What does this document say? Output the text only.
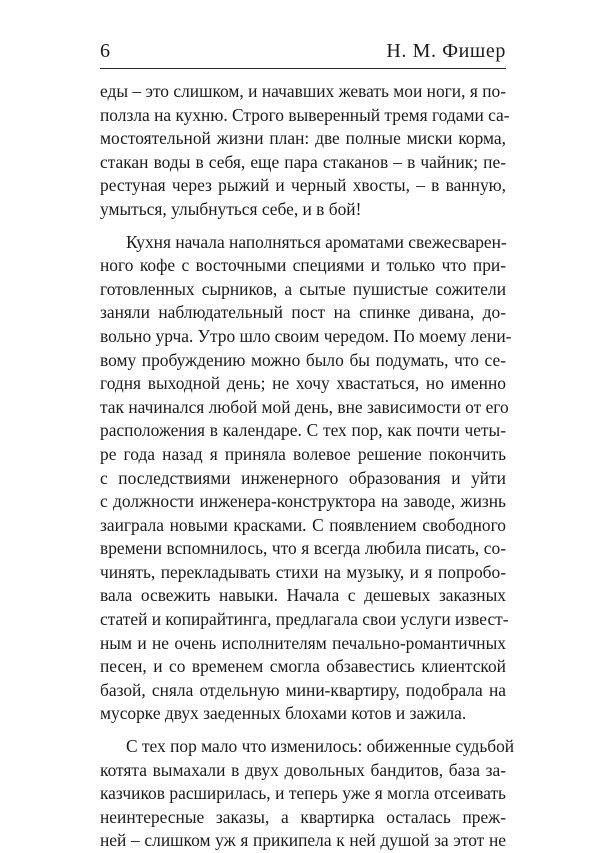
6	Н. М. Фишер
еды – это слишком, и начавших жевать мои ноги, я по-
ползла на кухню. Строго выверенный тремя годами са-
мостоятельной жизни план: две полные миски корма,
стакан воды в себя, еще пара стаканов – в чайник; пе-
рестуная через рыжий и черный хвосты, – в ванную,
умыться, улыбнуться себе, и в бой!
Кухня начала наполняться ароматами свежесварен-
ного кофе с восточными специями и только что при-
готовленных сырников, а сытые пушистые сожители
заняли наблюдательный пост на спинке дивана, до-
вольно урча. Утро шло своим чередом. По моему лени-
вому пробуждению можно было бы подумать, что се-
годня выходной день; не хочу хвастаться, но именно
так начинался любой мой день, вне зависимости от его
расположения в календаре. С тех пор, как почти четы-
ре года назад я приняла волевое решение покончить
с последствиями инженерного образования и уйти
с должности инженера-конструктора на заводе, жизнь
заиграла новыми красками. С появлением свободного
времени вспомнилось, что я всегда любила писать, со-
чинять, перекладывать стихи на музыку, и я попробо-
вала освежить навыки. Начала с дешевых заказных
статей и копирайтинга, предлагала свои услуги извест-
ным и не очень исполнителям печально-романтичных
песен, и со временем смогла обзавестись клиентской
базой, сняла отдельную мини-квартиру, подобрала на
мусорке двух заеденных блохами котов и зажила.
С тех пор мало что изменилось: обиженные судьбой
котята вымахали в двух довольных бандитов, база за-
казчиков расширилась, и теперь уже я могла отсеивать
неинтересные заказы, а квартирка осталась преж-
ней – слишком уж я прикипела к ней душой за этот не
